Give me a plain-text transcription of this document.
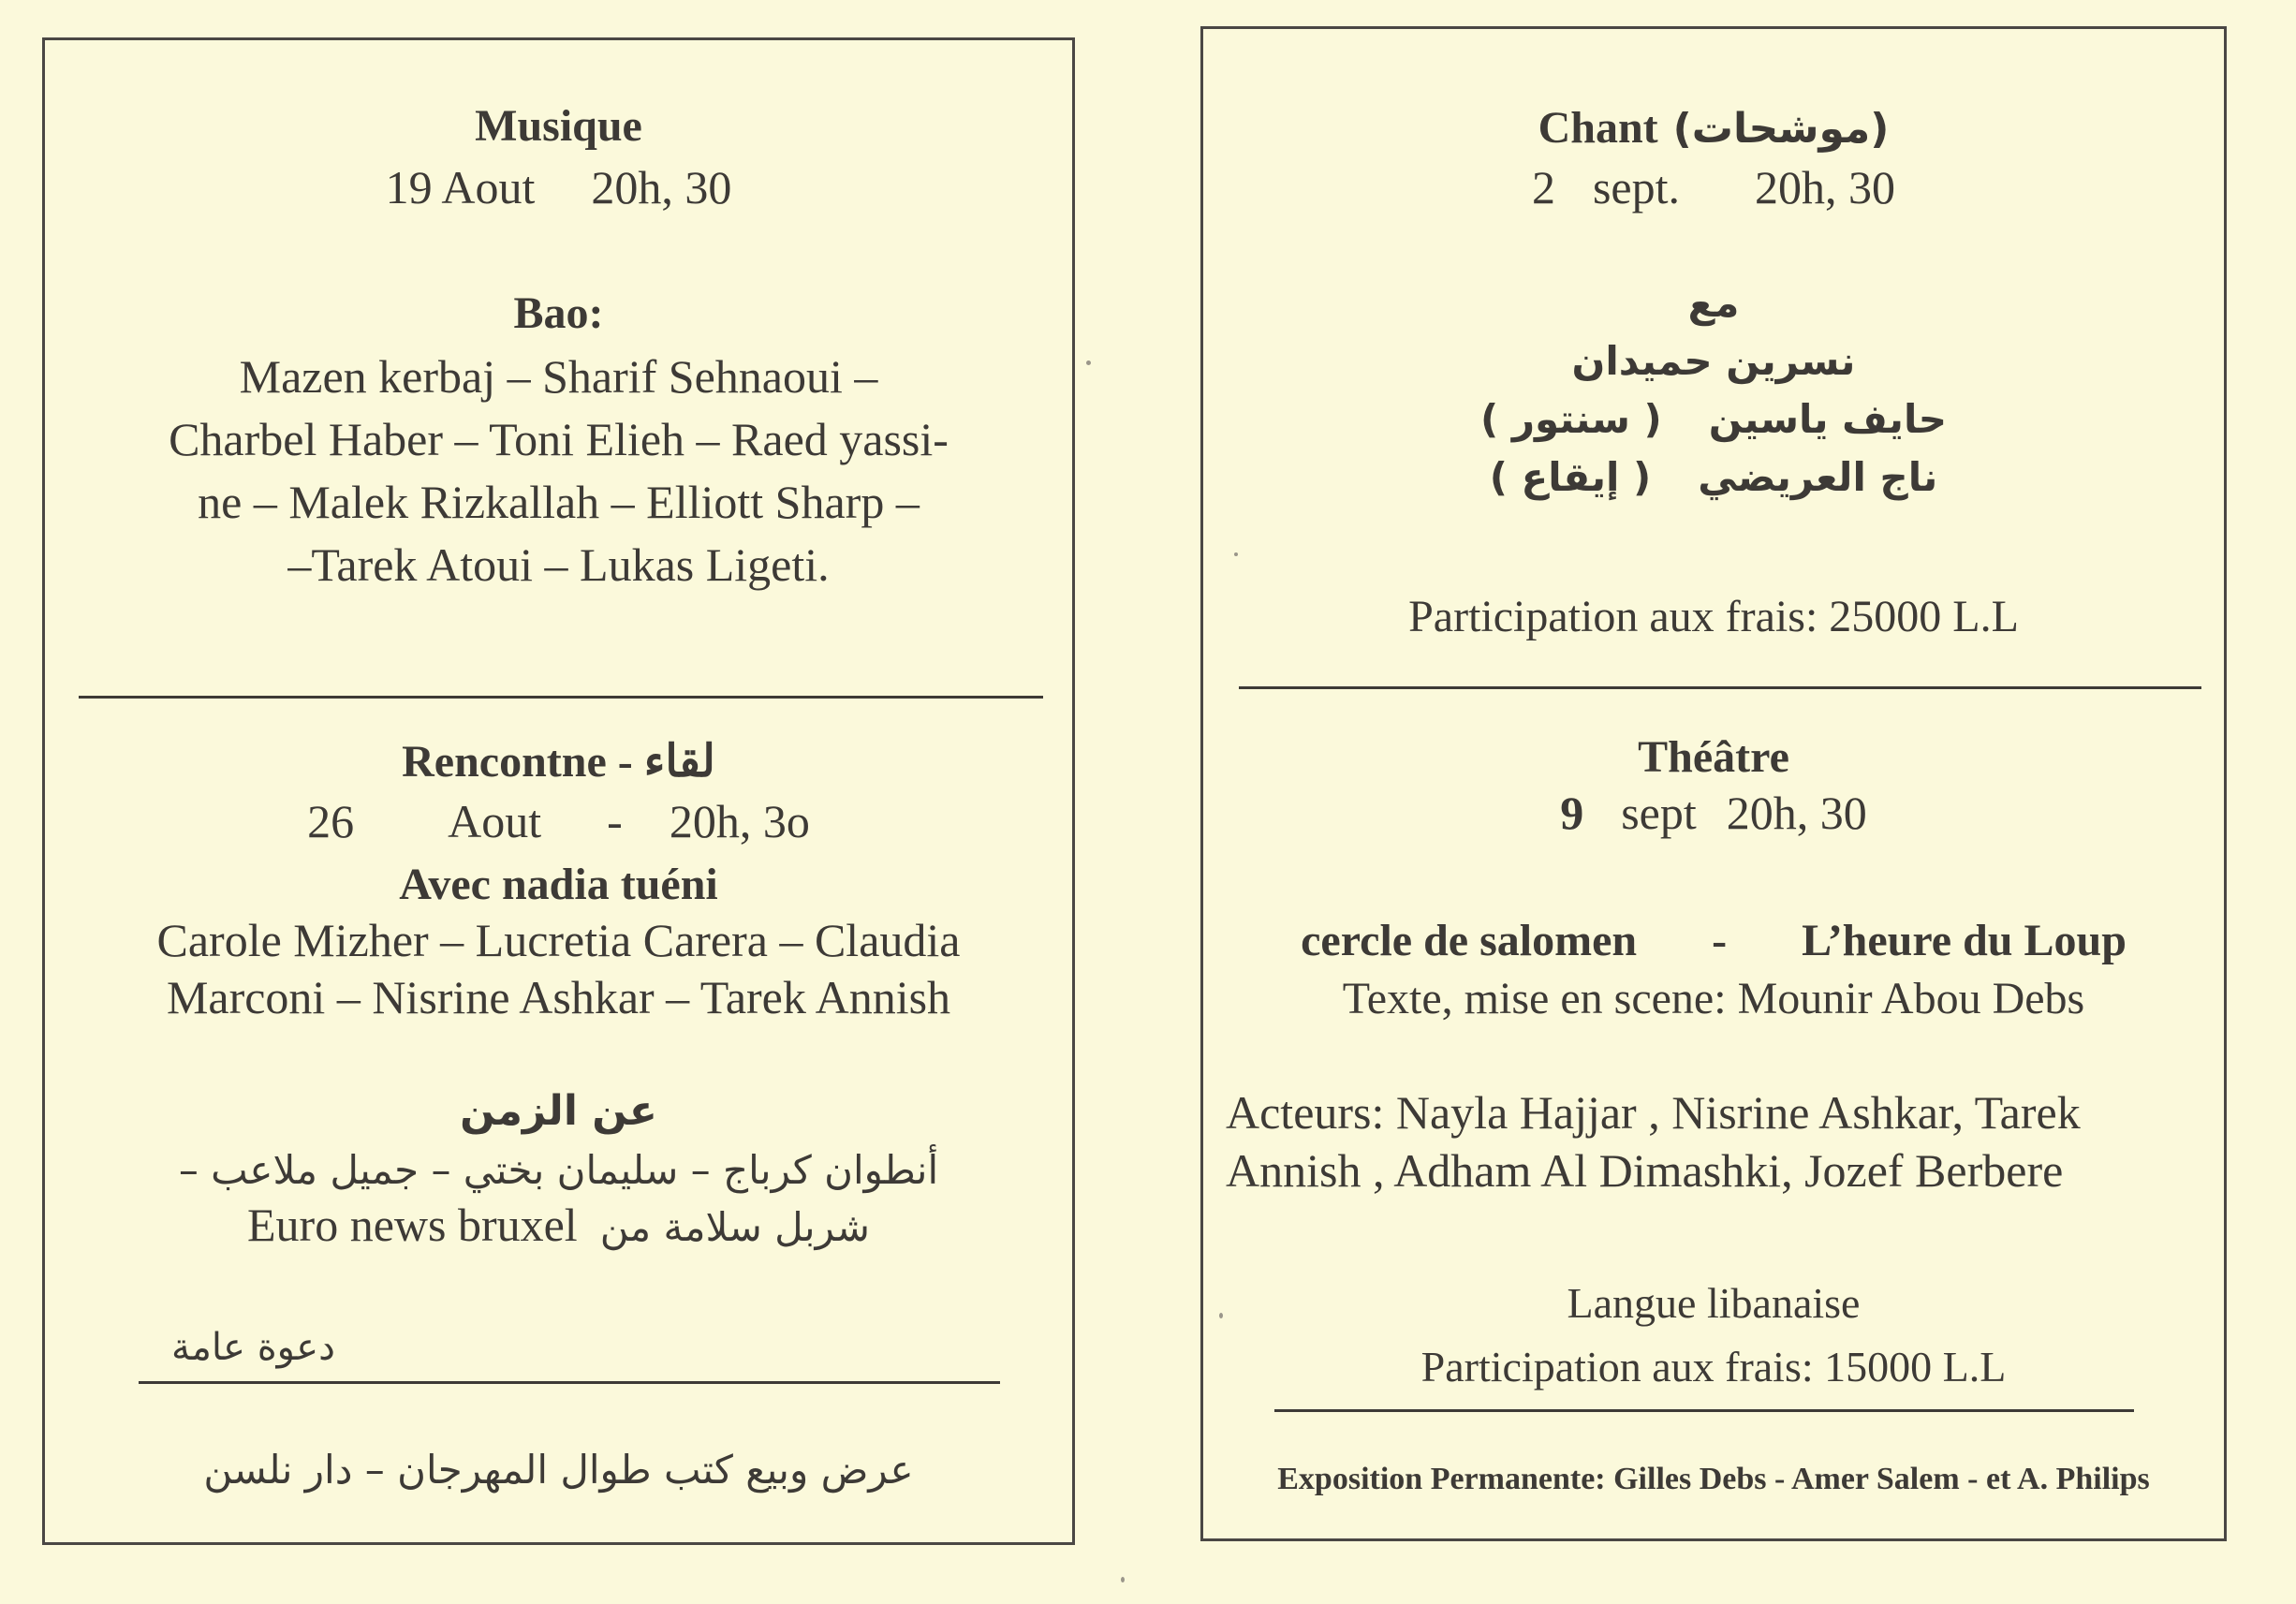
Musique
19 Aout 20h, 30
Bao:
Mazen kerbaj – Sharif Sehnaoui –
Charbel Haber – Toni Elieh – Raed yassi-
ne – Malek Rizkallah – Elliott Sharp –
–Tarek Atoui – Lukas Ligeti.
Rencontne - لقاء
26 Aout - 20h, 3o
Avec nadia tuéni
Carole Mizher – Lucretia Carera – Claudia
Marconi – Nisrine Ashkar – Tarek Annish
عن الزمن
أنطوان كرباج – سليمان بختي – جميل ملاعب –
Euro news bruxel شربل سلامة من
دعوة عامة
عرض وبيع كتب طوال المهرجان – دار نلسن
Chant (موشحات)
2 sept. 20h, 30
مع
نسرين حميدان
حايف ياسين( سنتور )
ناج العريضي( إيقاع )
Participation aux frais: 25000 L.L
Théâtre
9 sept 20h, 30
cercle de salomen - L’heure du Loup
Texte, mise en scene: Mounir Abou Debs
Acteurs: Nayla Hajjar , Nisrine Ashkar, Tarek
Annish , Adham Al Dimashki, Jozef Berbere
Langue libanaise
Participation aux frais: 15000 L.L
Exposition Permanente: Gilles Debs - Amer Salem - et A. Philips
